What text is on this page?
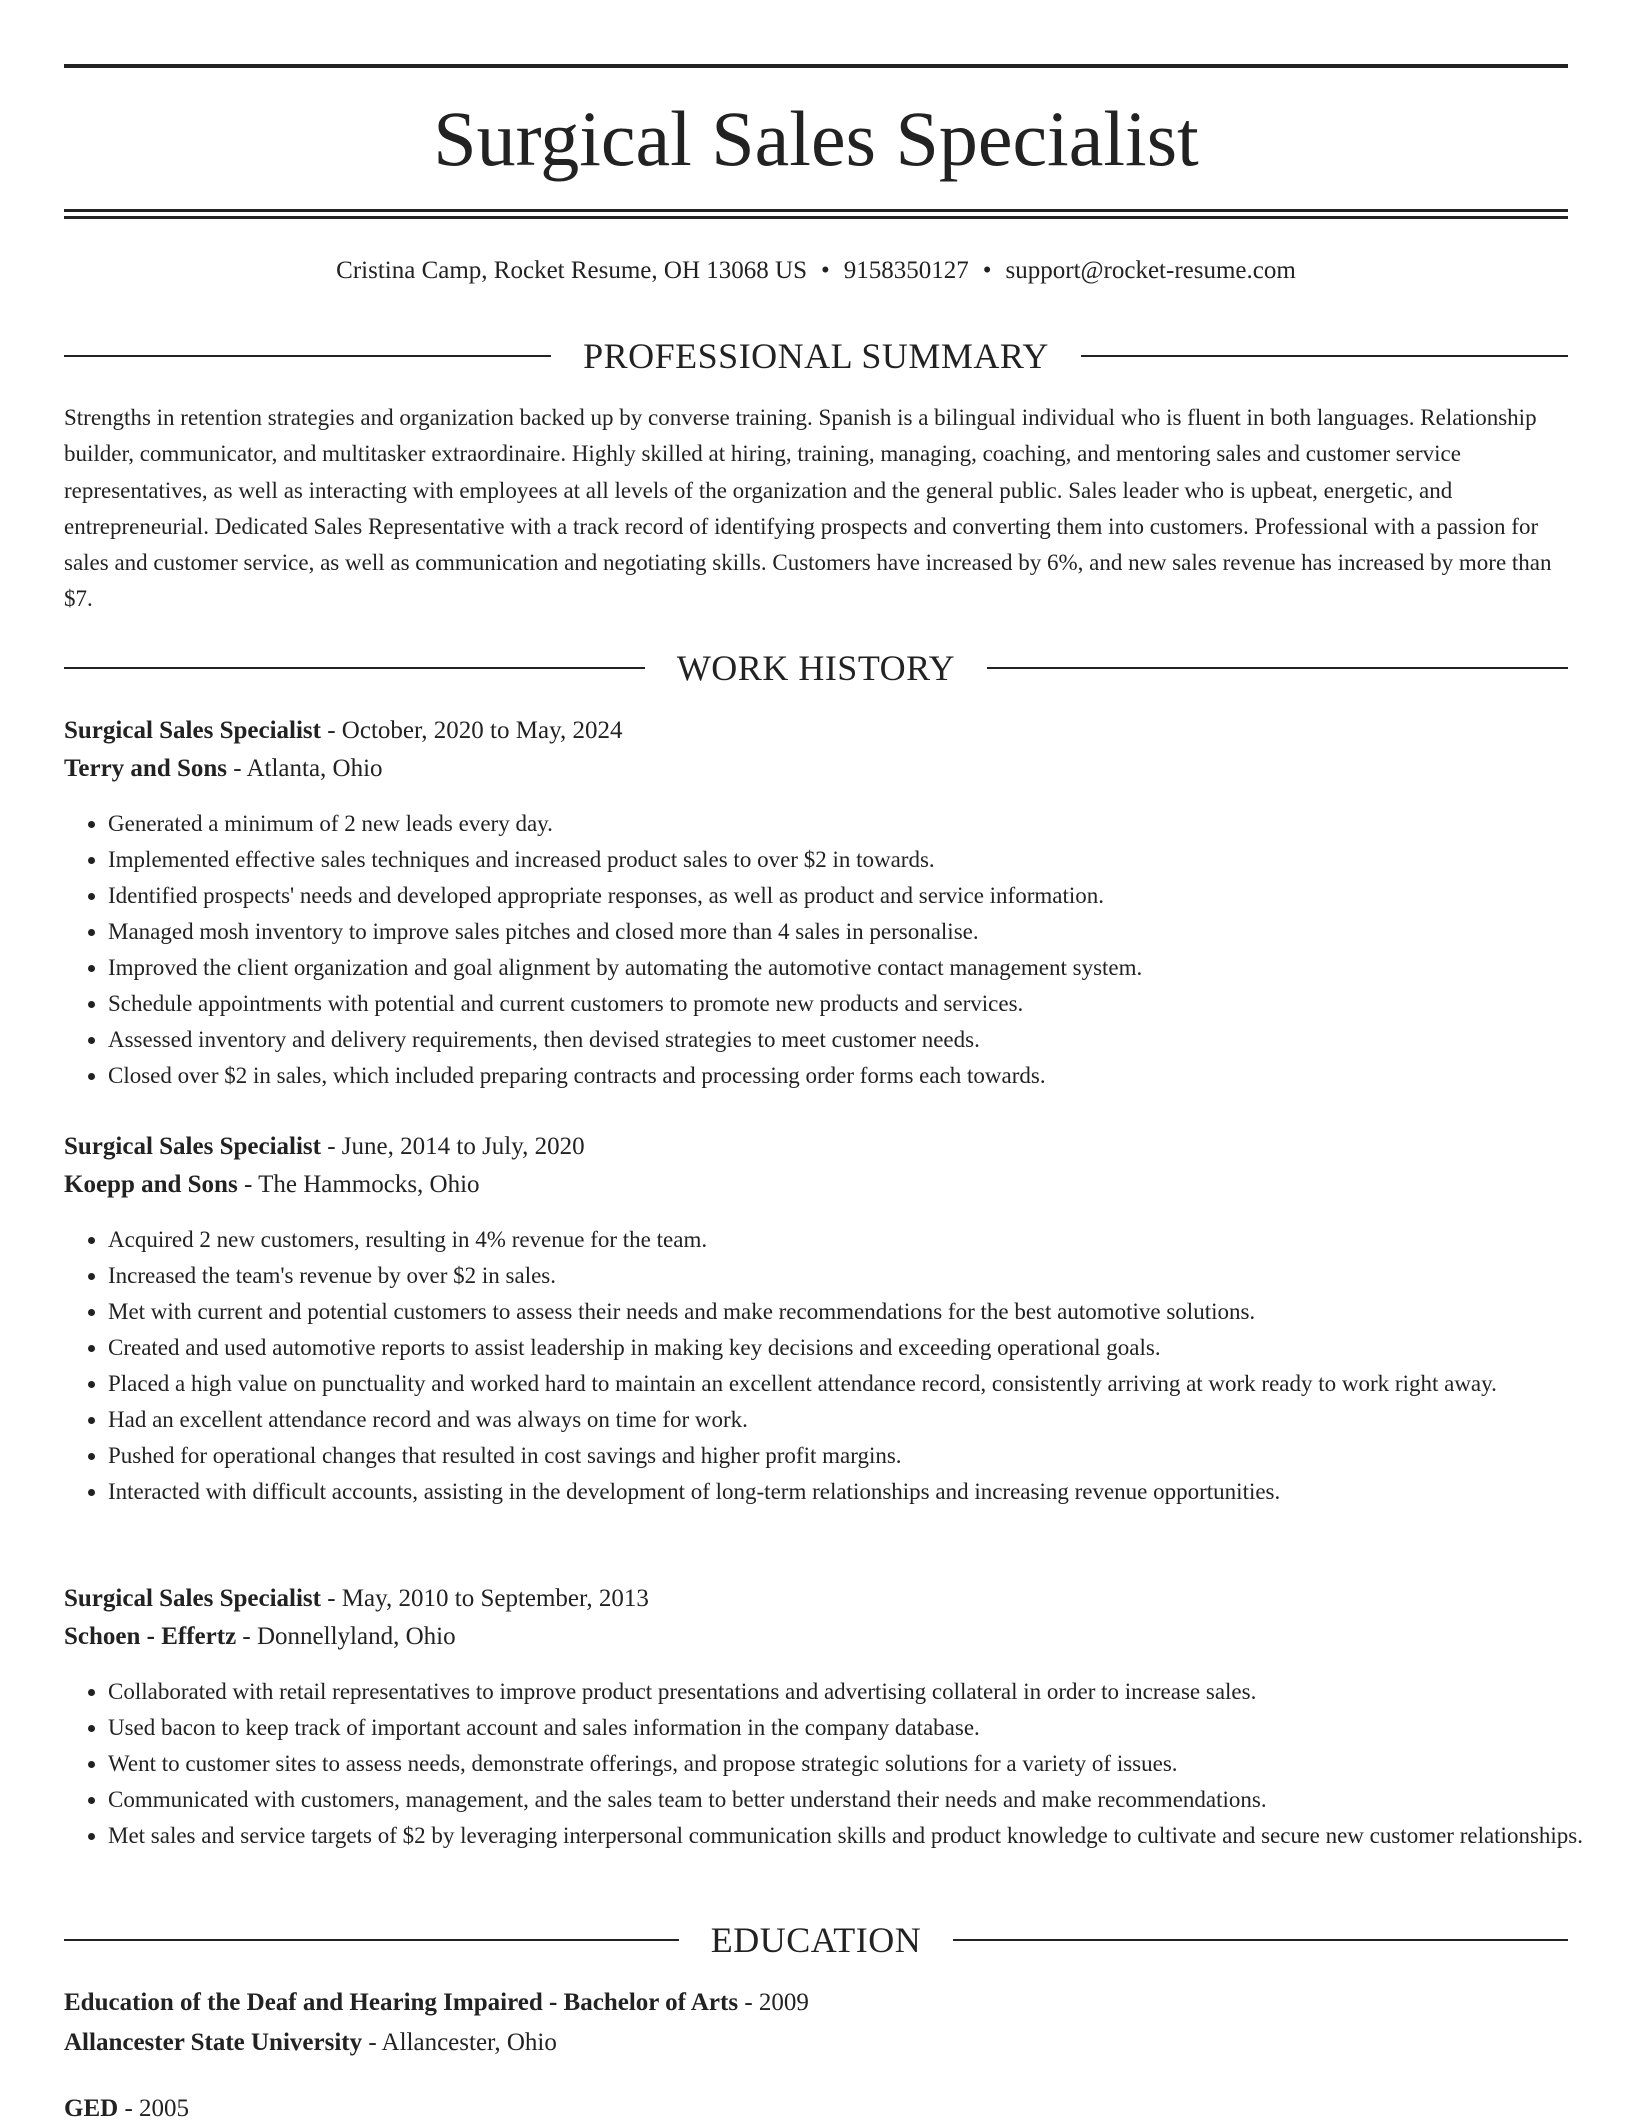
Surgical Sales Specialist
Cristina Camp, Rocket Resume, OH 13068 US • 9158350127 • support@rocket-resume.com
PROFESSIONAL SUMMARY

Strengths in retention strategies and organization backed up by converse training. Spanish is a bilingual individual who is fluent in both languages. Relationship builder, communicator, and multitasker extraordinaire. Highly skilled at hiring, training, managing, coaching, and mentoring sales and customer service representatives, as well as interacting with employees at all levels of the organization and the general public. Sales leader who is upbeat, energetic, and entrepreneurial. Dedicated Sales Representative with a track record of identifying prospects and converting them into customers. Professional with a passion for sales and customer service, as well as communication and negotiating skills. Customers have increased by 6%, and new sales revenue has increased by more than $7.

WORK HISTORY
Surgical Sales Specialist - October, 2020 to May, 2024
Terry and Sons - Atlanta, Ohio
• Generated a minimum of 2 new leads every day.
• Implemented effective sales techniques and increased product sales to over $2 in towards.
• Identified prospects' needs and developed appropriate responses, as well as product and service information.
• Managed mosh inventory to improve sales pitches and closed more than 4 sales in personalise.
• Improved the client organization and goal alignment by automating the automotive contact management system.
• Schedule appointments with potential and current customers to promote new products and services.
• Assessed inventory and delivery requirements, then devised strategies to meet customer needs.
• Closed over $2 in sales, which included preparing contracts and processing order forms each towards.
Surgical Sales Specialist - June, 2014 to July, 2020
Koepp and Sons - The Hammocks, Ohio
• Acquired 2 new customers, resulting in 4% revenue for the team.
• Increased the team's revenue by over $2 in sales.
• Met with current and potential customers to assess their needs and make recommendations for the best automotive solutions.
• Created and used automotive reports to assist leadership in making key decisions and exceeding operational goals.
• Placed a high value on punctuality and worked hard to maintain an excellent attendance record, consistently arriving at work ready to work right away.
• Had an excellent attendance record and was always on time for work.
• Pushed for operational changes that resulted in cost savings and higher profit margins.
• Interacted with difficult accounts, assisting in the development of long-term relationships and increasing revenue opportunities.
Surgical Sales Specialist - May, 2010 to September, 2013
Schoen - Effertz - Donnellyland, Ohio
• Collaborated with retail representatives to improve product presentations and advertising collateral in order to increase sales.
• Used bacon to keep track of important account and sales information in the company database.
• Went to customer sites to assess needs, demonstrate offerings, and propose strategic solutions for a variety of issues.
• Communicated with customers, management, and the sales team to better understand their needs and make recommendations.
• Met sales and service targets of $2 by leveraging interpersonal communication skills and product knowledge to cultivate and secure new customer relationships.
EDUCATION
Education of the Deaf and Hearing Impaired - Bachelor of Arts - 2009
Allancester State University - Allancester, Ohio
GED - 2005
